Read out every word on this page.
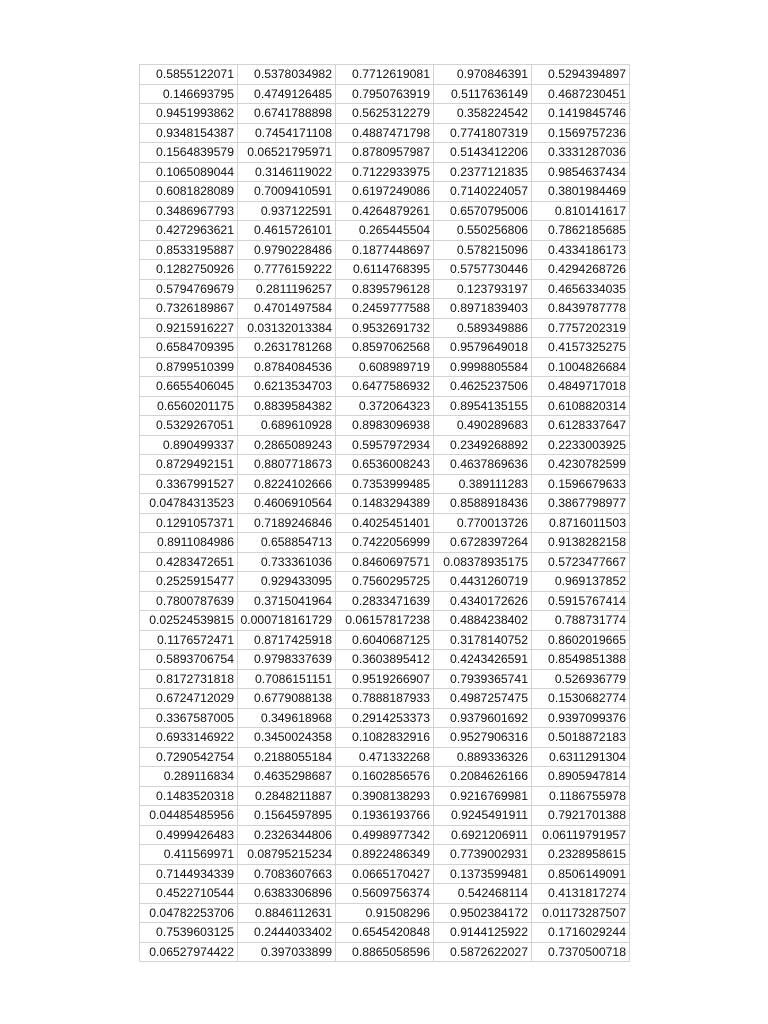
0.5855122071	0.5378034982	0.7712619081	0.970846391	0.5294394897
0.146693795	0.4749126485	0.7950763919	0.5117636149	0.4687230451
0.9451993862	0.6741788898	0.5625312279	0.358224542	0.1419845746
0.9348154387	0.7454171108	0.4887471798	0.7741807319	0.1569757236
0.1564839579	0.06521795971	0.8780957987	0.5143412206	0.3331287036
0.1065089044	0.3146119022	0.7122933975	0.2377121835	0.9854637434
0.6081828089	0.7009410591	0.6197249086	0.7140224057	0.3801984469
0.3486967793	0.937122591	0.4264879261	0.6570795006	0.810141617
0.4272963621	0.4615726101	0.265445504	0.550256806	0.7862185685
0.8533195887	0.9790228486	0.1877448697	0.578215096	0.4334186173
0.1282750926	0.7776159222	0.6114768395	0.5757730446	0.4294268726
0.5794769679	0.2811196257	0.8395796128	0.123793197	0.4656334035
0.7326189867	0.4701497584	0.2459777588	0.8971839403	0.8439787778
0.9215916227	0.03132013384	0.9532691732	0.589349886	0.7757202319
0.6584709395	0.2631781268	0.8597062568	0.9579649018	0.4157325275
0.8799510399	0.8784084536	0.608989719	0.9998805584	0.1004826684
0.6655406045	0.6213534703	0.6477586932	0.4625237506	0.4849717018
0.6560201175	0.8839584382	0.372064323	0.8954135155	0.6108820314
0.5329267051	0.689610928	0.8983096938	0.490289683	0.6128337647
0.890499337	0.2865089243	0.5957972934	0.2349268892	0.2233003925
0.8729492151	0.8807718673	0.6536008243	0.4637869636	0.4230782599
0.3367991527	0.8224102666	0.7353999485	0.389111283	0.1596679633
0.04784313523	0.4606910564	0.1483294389	0.8588918436	0.3867798977
0.1291057371	0.7189246846	0.4025451401	0.770013726	0.8716011503
0.8911084986	0.658854713	0.7422056999	0.6728397264	0.9138282158
0.4283472651	0.733361036	0.8460697571	0.08378935175	0.5723477667
0.2525915477	0.929433095	0.7560295725	0.4431260719	0.969137852
0.7800787639	0.3715041964	0.2833471639	0.4340172626	0.5915767414
0.02524539815	0.000718161729	0.06157817238	0.4884238402	0.788731774
0.1176572471	0.8717425918	0.6040687125	0.3178140752	0.8602019665
0.5893706754	0.9798337639	0.3603895412	0.4243426591	0.8549851388
0.8172731818	0.7086151151	0.9519266907	0.7939365741	0.526936779
0.6724712029	0.6779088138	0.7888187933	0.4987257475	0.1530682774
0.3367587005	0.349618968	0.2914253373	0.9379601692	0.9397099376
0.6933146922	0.3450024358	0.1082832916	0.9527906316	0.5018872183
0.7290542754	0.2188055184	0.471332268	0.889336326	0.6311291304
0.289116834	0.4635298687	0.1602856576	0.2084626166	0.8905947814
0.1483520318	0.2848211887	0.3908138293	0.9216769981	0.1186755978
0.04485485956	0.1564597895	0.1936193766	0.9245491911	0.7921701388
0.4999426483	0.2326344806	0.4998977342	0.6921206911	0.06119791957
0.411569971	0.08795215234	0.8922486349	0.7739002931	0.2328958615
0.7144934339	0.7083607663	0.0665170427	0.1373599481	0.8506149091
0.4522710544	0.6383306896	0.5609756374	0.542468114	0.4131817274
0.04782253706	0.8846112631	0.91508296	0.9502384172	0.01173287507
0.7539603125	0.2444033402	0.6545420848	0.9144125922	0.1716029244
0.06527974422	0.397033899	0.8865058596	0.5872622027	0.7370500718
